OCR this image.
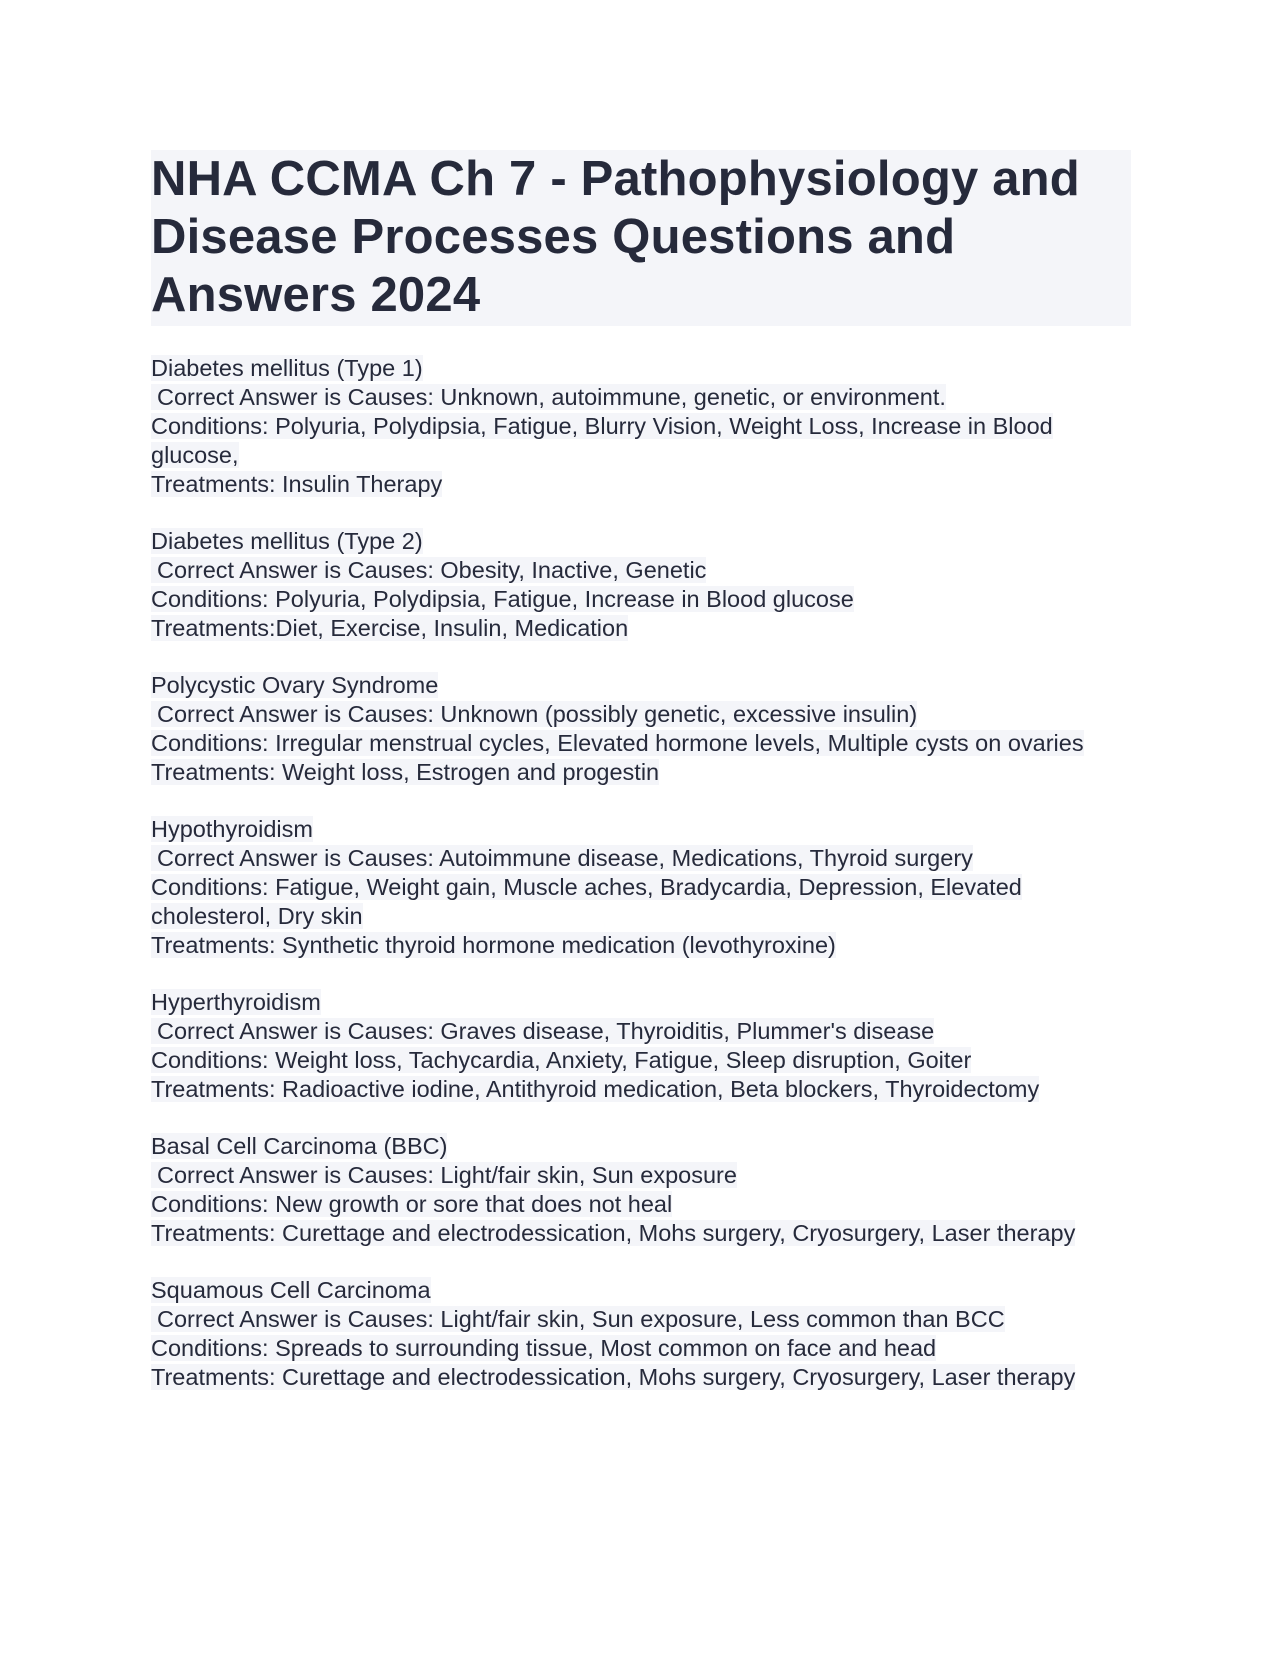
NHA CCMA Ch 7 - Pathophysiology and Disease Processes Questions and Answers 2024
Diabetes mellitus (Type 1)
Correct Answer is Causes: Unknown, autoimmune, genetic, or environment.
Conditions: Polyuria, Polydipsia, Fatigue, Blurry Vision, Weight Loss, Increase in Blood glucose,
Treatments: Insulin Therapy
Diabetes mellitus (Type 2)
Correct Answer is Causes: Obesity, Inactive, Genetic
Conditions: Polyuria, Polydipsia, Fatigue, Increase in Blood glucose
Treatments:Diet, Exercise, Insulin, Medication
Polycystic Ovary Syndrome
Correct Answer is Causes: Unknown (possibly genetic, excessive insulin)
Conditions: Irregular menstrual cycles, Elevated hormone levels, Multiple cysts on ovaries
Treatments: Weight loss, Estrogen and progestin
Hypothyroidism
Correct Answer is Causes: Autoimmune disease, Medications, Thyroid surgery
Conditions: Fatigue, Weight gain, Muscle aches, Bradycardia, Depression, Elevated cholesterol, Dry skin
Treatments: Synthetic thyroid hormone medication (levothyroxine)
Hyperthyroidism
Correct Answer is Causes: Graves disease, Thyroiditis, Plummer's disease
Conditions: Weight loss, Tachycardia, Anxiety, Fatigue, Sleep disruption, Goiter
Treatments: Radioactive iodine, Antithyroid medication, Beta blockers, Thyroidectomy
Basal Cell Carcinoma (BBC)
Correct Answer is Causes: Light/fair skin, Sun exposure
Conditions: New growth or sore that does not heal
Treatments: Curettage and electrodessication, Mohs surgery, Cryosurgery, Laser therapy
Squamous Cell Carcinoma
Correct Answer is Causes: Light/fair skin, Sun exposure, Less common than BCC
Conditions: Spreads to surrounding tissue, Most common on face and head
Treatments: Curettage and electrodessication, Mohs surgery, Cryosurgery, Laser therapy
